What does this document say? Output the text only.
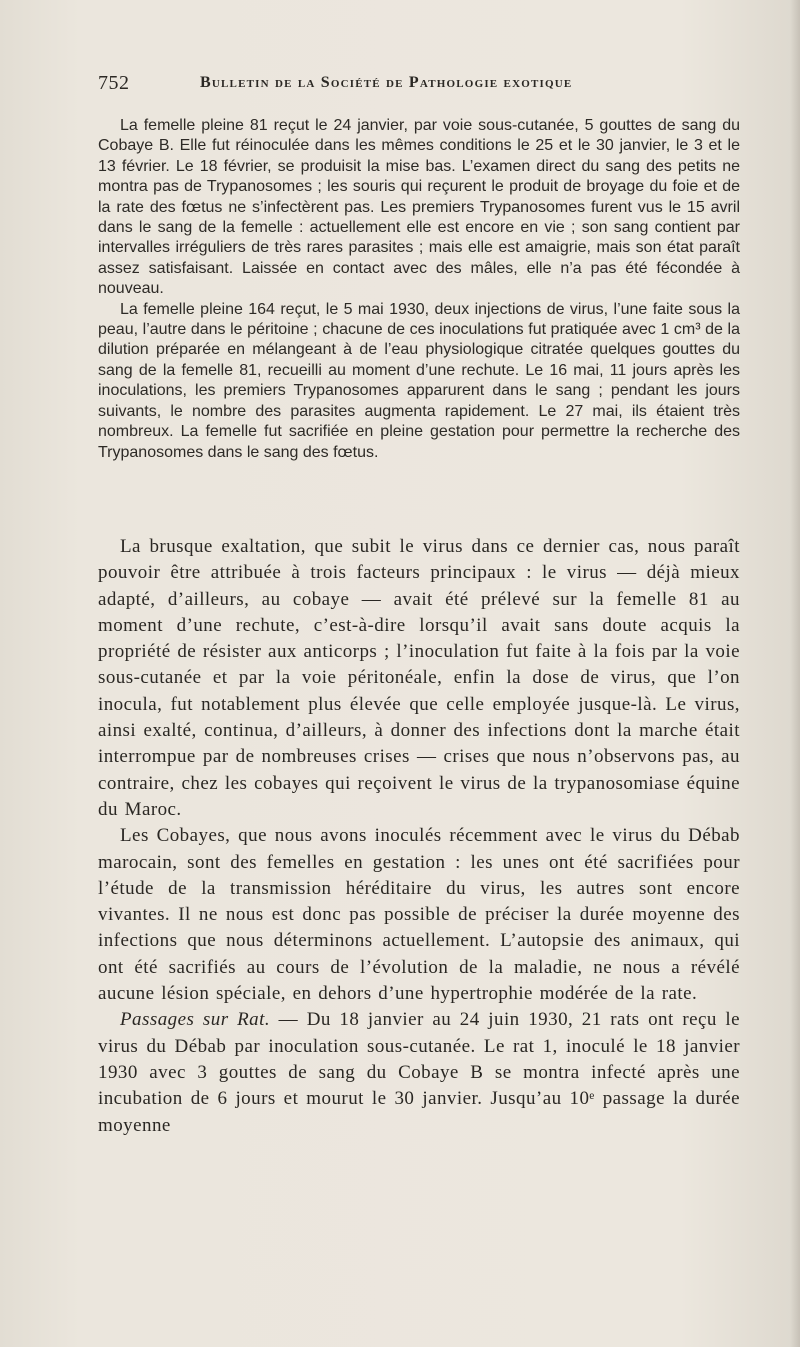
752	Bulletin de la Société de Pathologie exotique

La femelle pleine 81 reçut le 24 janvier, par voie sous-cutanée, 5 gouttes de sang du Cobaye B. Elle fut réinoculée dans les mêmes conditions le 25 et le 30 janvier, le 3 et le 13 février. Le 18 février, se produisit la mise bas. L’examen direct du sang des petits ne montra pas de Trypanosomes ; les souris qui reçurent le produit de broyage du foie et de la rate des fœtus ne s’infectèrent pas. Les premiers Trypanosomes furent vus le 15 avril dans le sang de la femelle : actuellement elle est encore en vie ; son sang contient par intervalles irréguliers de très rares parasites ; mais elle est amaigrie, mais son état paraît assez satisfaisant. Laissée en contact avec des mâles, elle n’a pas été fécondée à nouveau.

La femelle pleine 164 reçut, le 5 mai 1930, deux injections de virus, l’une faite sous la peau, l’autre dans le péritoine ; chacune de ces inoculations fut pratiquée avec 1 cm³ de la dilution préparée en mélangeant à de l’eau physiologique citratée quelques gouttes du sang de la femelle 81, recueilli au moment d’une rechute. Le 16 mai, 11 jours après les inoculations, les premiers Trypanosomes apparurent dans le sang ; pendant les jours suivants, le nombre des parasites augmenta rapidement. Le 27 mai, ils étaient très nombreux. La femelle fut sacrifiée en pleine gestation pour permettre la recherche des Trypanosomes dans le sang des fœtus.

La brusque exaltation, que subit le virus dans ce dernier cas, nous paraît pouvoir être attribuée à trois facteurs principaux : le virus — déjà mieux adapté, d’ailleurs, au cobaye — avait été prélevé sur la femelle 81 au moment d’une rechute, c’est-à-dire lorsqu’il avait sans doute acquis la propriété de résister aux anticorps ; l’inoculation fut faite à la fois par la voie sous-cutanée et par la voie péritonéale, enfin la dose de virus, que l’on inocula, fut notablement plus élevée que celle employée jusque-là. Le virus, ainsi exalté, continua, d’ailleurs, à donner des infections dont la marche était interrompue par de nombreuses crises — crises que nous n’observons pas, au contraire, chez les cobayes qui reçoivent le virus de la trypanosomiase équine du Maroc.

Les Cobayes, que nous avons inoculés récemment avec le virus du Débab marocain, sont des femelles en gestation : les unes ont été sacrifiées pour l’étude de la transmission héréditaire du virus, les autres sont encore vivantes. Il ne nous est donc pas possible de préciser la durée moyenne des infections que nous déterminons actuellement. L’autopsie des animaux, qui ont été sacrifiés au cours de l’évolution de la maladie, ne nous a révélé aucune lésion spéciale, en dehors d’une hypertrophie modérée de la rate.

Passages sur Rat. — Du 18 janvier au 24 juin 1930, 21 rats ont reçu le virus du Débab par inoculation sous-cutanée. Le rat 1, inoculé le 18 janvier 1930 avec 3 gouttes de sang du Cobaye B se montra infecté après une incubation de 6 jours et mourut le 30 janvier. Jusqu’au 10ᵉ passage la durée moyenne
